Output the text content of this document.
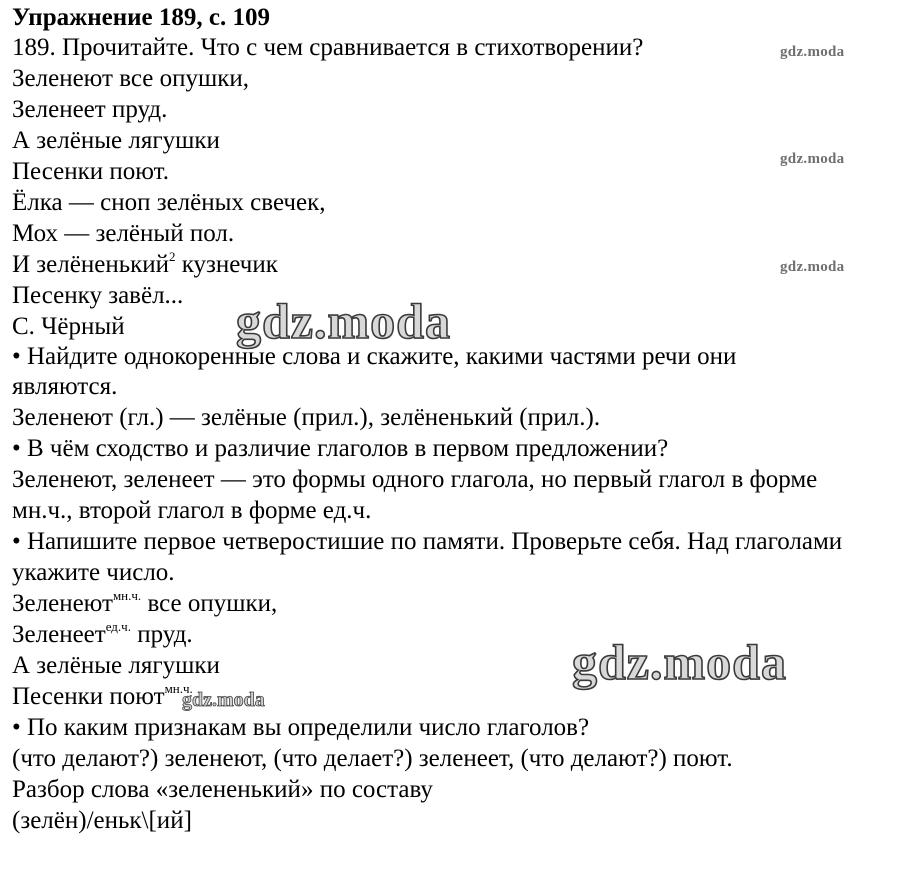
Упражнение 189, с. 109

189. Прочитайте. Что с чем сравнивается в стихотворении?

Зеленеют все опушки,

Зеленеет пруд.

А зелёные лягушки

Песенки поют.

Ёлка — сноп зелёных свечек,

Мох — зелёный пол.

И зелёненький$^2$ кузнечик

Песенку завёл...

С. Чёрный

• Найдите однокоренные слова и скажите, какими частями речи они

являются.

Зеленеют (гл.) — зелёные (прил.), зелёненький (прил.).

• В чём сходство и различие глаголов в первом предложении?

Зеленеют, зеленеет — это формы одного глагола, но первый глагол в форме

мн.ч., второй глагол в форме ед.ч.

• Напишите первое четверостишие по памяти. Проверьте себя. Над глаголами

укажите число.

Зеленеют$^{мн.ч.}$ все опушки,

Зеленеет$^{ед.ч.}$ пруд.

А зелёные лягушки

Песенки поют$^{мн.ч.}$

• По каким признакам вы определили число глаголов?

(что делают?) зеленеют, (что делает?) зеленеет, (что делают?) поют.

Разбор слова «зелененький» по составу

(зелён)/еньк\[ий]

gdz.moda
gdz.moda
gdz.moda
gdz.moda
gdz.moda
gdz.moda
